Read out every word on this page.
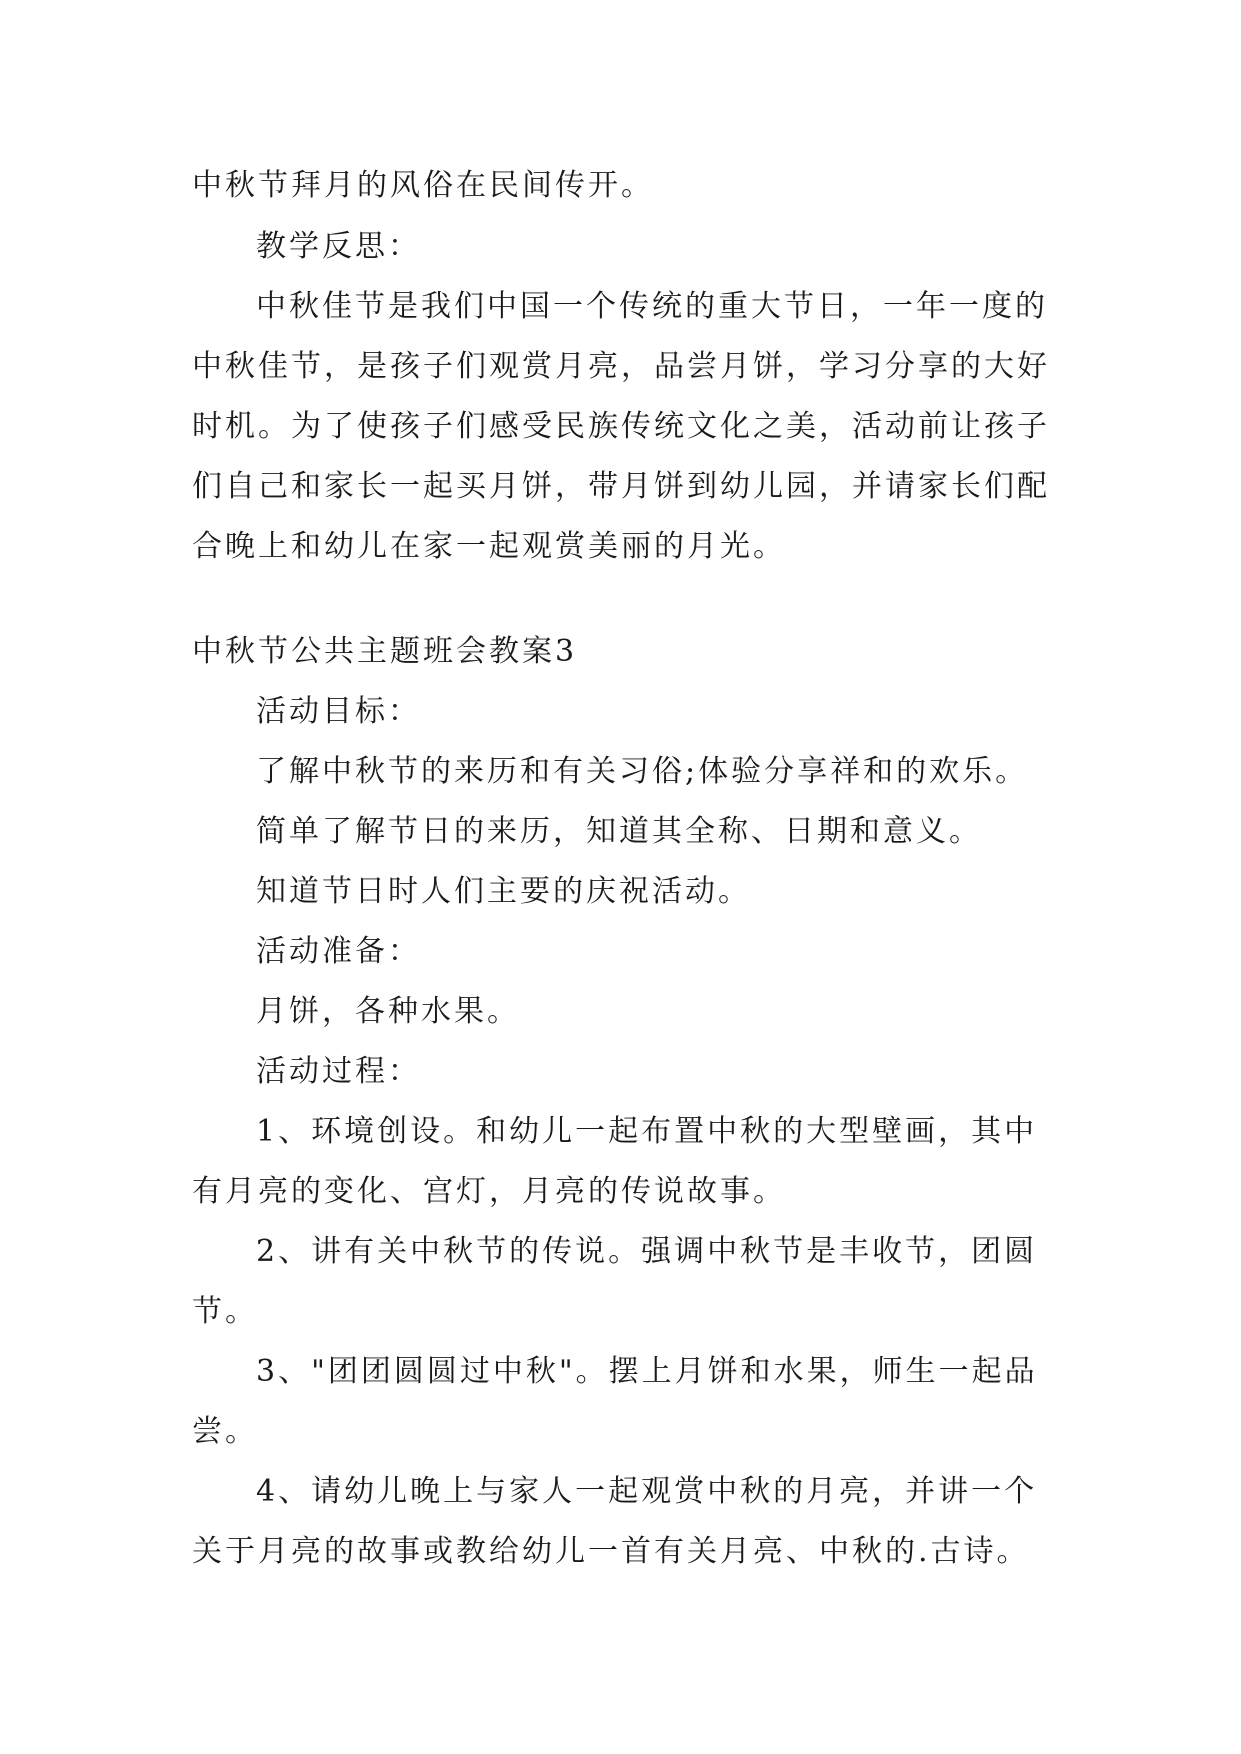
中秋节拜月的风俗在民间传开。
教学反思：
中秋佳节是我们中国一个传统的重大节日，一年一度的
中秋佳节，是孩子们观赏月亮，品尝月饼，学习分享的大好
时机。为了使孩子们感受民族传统文化之美，活动前让孩子
们自己和家长一起买月饼，带月饼到幼儿园，并请家长们配
合晚上和幼儿在家一起观赏美丽的月光。
中秋节公共主题班会教案3
活动目标：
了解中秋节的来历和有关习俗;体验分享祥和的欢乐。
简单了解节日的来历，知道其全称、日期和意义。
知道节日时人们主要的庆祝活动。
活动准备：
月饼，各种水果。
活动过程：
1、环境创设。和幼儿一起布置中秋的大型壁画，其中
有月亮的变化、宫灯，月亮的传说故事。
2、讲有关中秋节的传说。强调中秋节是丰收节，团圆
节。
3、"团团圆圆过中秋"。摆上月饼和水果，师生一起品
尝。
4、请幼儿晚上与家人一起观赏中秋的月亮，并讲一个
关于月亮的故事或教给幼儿一首有关月亮、中秋的.古诗。
